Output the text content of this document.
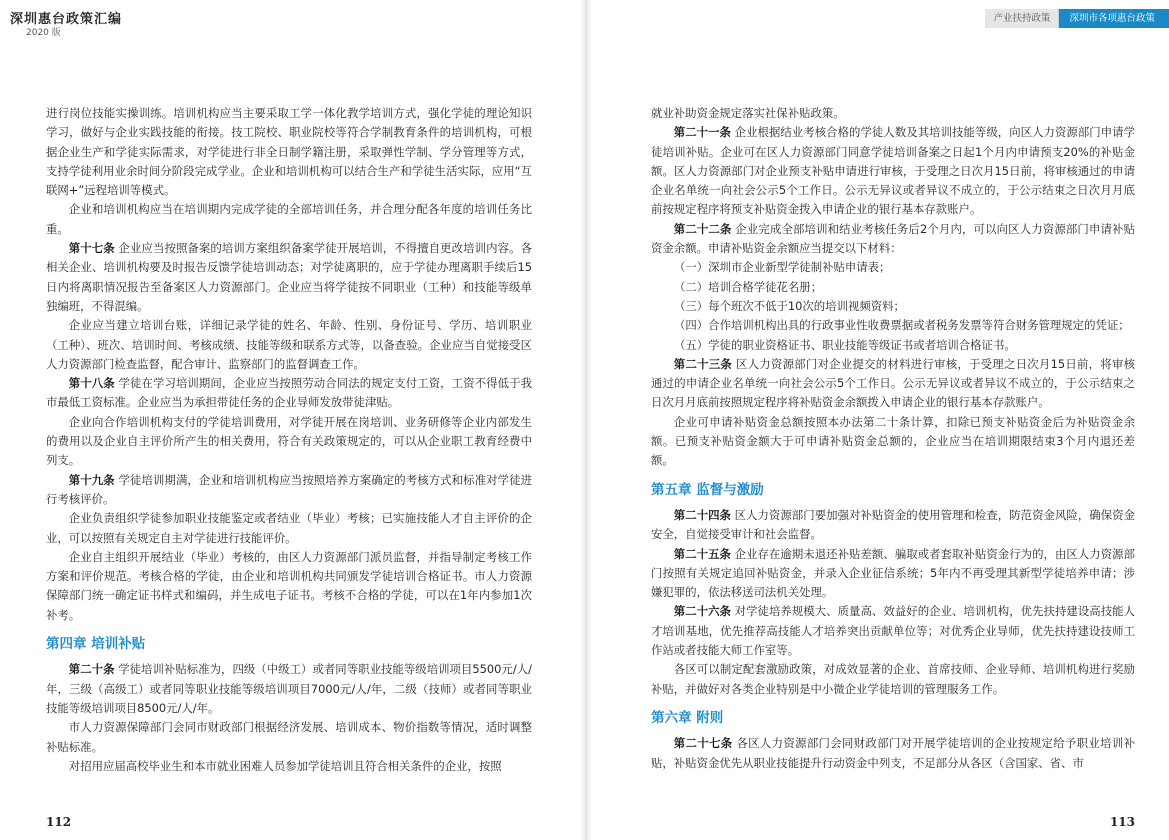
深圳惠台政策汇编
2020 版
产业扶持政策	深圳市各项惠台政策

进行岗位技能实操训练。培训机构应当主要采取工学一体化教学培训方式，强化学徒的理论知识学习，做好与企业实践技能的衔接。技工院校、职业院校等符合学制教育条件的培训机构，可根据企业生产和学徒实际需求，对学徒进行非全日制学籍注册，采取弹性学制、学分管理等方式，支持学徒利用业余时间分阶段完成学业。企业和培训机构可以结合生产和学徒生活实际，应用“互联网+”远程培训等模式。

企业和培训机构应当在培训期内完成学徒的全部培训任务，并合理分配各年度的培训任务比重。

第十七条 企业应当按照备案的培训方案组织备案学徒开展培训，不得擅自更改培训内容。各相关企业、培训机构要及时报告反馈学徒培训动态；对学徒离职的，应于学徒办理离职手续后15日内将离职情况报告至备案区人力资源部门。企业应当将学徒按不同职业（工种）和技能等级单独编班，不得混编。

企业应当建立培训台账，详细记录学徒的姓名、年龄、性别、身份证号、学历、培训职业（工种）、班次、培训时间、考核成绩、技能等级和联系方式等，以备查验。企业应当自觉接受区人力资源部门检查监督，配合审计、监察部门的监督调查工作。

第十八条 学徒在学习培训期间，企业应当按照劳动合同法的规定支付工资，工资不得低于我市最低工资标准。企业应当为承担带徒任务的企业导师发放带徒津贴。

企业向合作培训机构支付的学徒培训费用，对学徒开展在岗培训、业务研修等企业内部发生的费用以及企业自主评价所产生的相关费用，符合有关政策规定的，可以从企业职工教育经费中列支。

第十九条 学徒培训期满，企业和培训机构应当按照培养方案确定的考核方式和标准对学徒进行考核评价。

企业负责组织学徒参加职业技能鉴定或者结业（毕业）考核；已实施技能人才自主评价的企业，可以按照有关规定自主对学徒进行技能评价。

企业自主组织开展结业（毕业）考核的，由区人力资源部门派员监督，并指导制定考核工作方案和评价规范。考核合格的学徒，由企业和培训机构共同颁发学徒培训合格证书。市人力资源保障部门统一确定证书样式和编码，并生成电子证书。考核不合格的学徒，可以在1年内参加1次补考。

第四章 培训补贴

第二十条 学徒培训补贴标准为，四级（中级工）或者同等职业技能等级培训项目5500元/人/年，三级（高级工）或者同等职业技能等级培训项目7000元/人/年，二级（技师）或者同等职业技能等级培训项目8500元/人/年。

市人力资源保障部门会同市财政部门根据经济发展、培训成本、物价指数等情况，适时调整补贴标准。

对招用应届高校毕业生和本市就业困难人员参加学徒培训且符合相关条件的企业，按照

就业补助资金规定落实社保补贴政策。

第二十一条 企业根据结业考核合格的学徒人数及其培训技能等级，向区人力资源部门申请学徒培训补贴。企业可在区人力资源部门同意学徒培训备案之日起1个月内申请预支20%的补贴金额。区人力资源部门对企业预支补贴申请进行审核，于受理之日次月15日前，将审核通过的申请企业名单统一向社会公示5个工作日。公示无异议或者异议不成立的，于公示结束之日次月月底前按规定程序将预支补贴资金拨入申请企业的银行基本存款账户。

第二十二条 企业完成全部培训和结业考核任务后2个月内，可以向区人力资源部门申请补贴资金余额。申请补贴资金余额应当提交以下材料：

（一）深圳市企业新型学徒制补贴申请表；

（二）培训合格学徒花名册；

（三）每个班次不低于10次的培训视频资料；

（四）合作培训机构出具的行政事业性收费票据或者税务发票等符合财务管理规定的凭证；

（五）学徒的职业资格证书、职业技能等级证书或者培训合格证书。

第二十三条 区人力资源部门对企业提交的材料进行审核，于受理之日次月15日前，将审核通过的申请企业名单统一向社会公示5个工作日。公示无异议或者异议不成立的，于公示结束之日次月月底前按照规定程序将补贴资金余额拨入申请企业的银行基本存款账户。

企业可申请补贴资金总额按照本办法第二十条计算，扣除已预支补贴资金后为补贴资金余额。已预支补贴资金额大于可申请补贴资金总额的，企业应当在培训期限结束3个月内退还差额。

第五章 监督与激励

第二十四条 区人力资源部门要加强对补贴资金的使用管理和检查，防范资金风险，确保资金安全，自觉接受审计和社会监督。

第二十五条 企业存在逾期未退还补贴差额、骗取或者套取补贴资金行为的，由区人力资源部门按照有关规定追回补贴资金，并录入企业征信系统；5年内不再受理其新型学徒培养申请；涉嫌犯罪的，依法移送司法机关处理。

第二十六条 对学徒培养规模大、质量高、效益好的企业、培训机构，优先扶持建设高技能人才培训基地，优先推荐高技能人才培养突出贡献单位等；对优秀企业导师，优先扶持建设技师工作站或者技能大师工作室等。

各区可以制定配套激励政策，对成效显著的企业、首席技师、企业导师、培训机构进行奖励补贴，并做好对各类企业特别是中小微企业学徒培训的管理服务工作。

第六章 附则

第二十七条 各区人力资源部门会同财政部门对开展学徒培训的企业按规定给予职业培训补贴，补贴资金优先从职业技能提升行动资金中列支，不足部分从各区（含国家、省、市

112	113
